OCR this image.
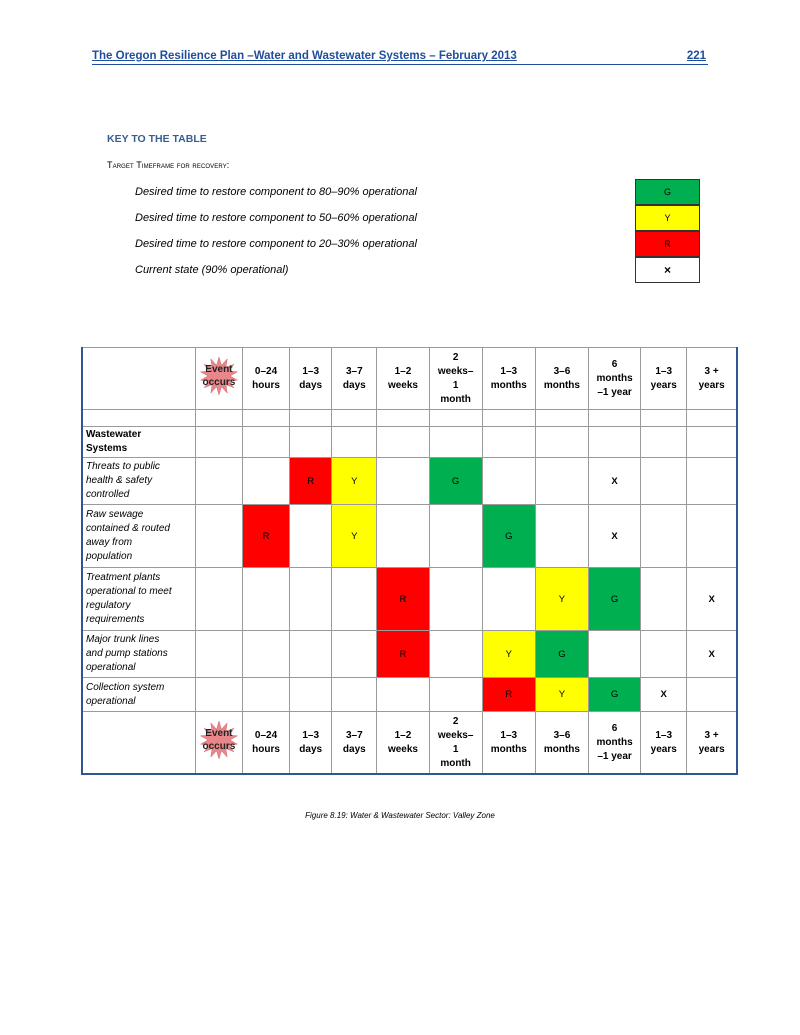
The Oregon Resilience Plan –Water and Wastewater Systems – February 2013	221
KEY TO THE TABLE
Target Timeframe for recovery:
Desired time to restore component to 80–90% operational
Desired time to restore component to 50–60% operational
Desired time to restore component to 20–30% operational
Current state (90% operational)
G
Y
R
×

	Event
occurs	0–24
hours	1–3
days	3–7
days	1–2
weeks	2
weeks–
1
month	1–3
months	3–6
months	6
months
–1 year	1–3
years	3 +
years

Wastewater
Systems											
Threats to public
health & safety
controlled			R	Y		G			X		
Raw sewage
contained & routed
away from
population		R		Y			G		X		
Treatment plants
operational to meet
regulatory
requirements					R			Y	G		X
Major trunk lines
and pump stations
operational					R		Y	G			X
Collection system
operational							R	Y	G	X	

	Event
occurs	0–24
hours	1–3
days	3–7
days	1–2
weeks	2
weeks–
1
month	1–3
months	3–6
months	6
months
–1 year	1–3
years	3 +
years
Figure 8.19: Water & Wastewater Sector: Valley Zone
